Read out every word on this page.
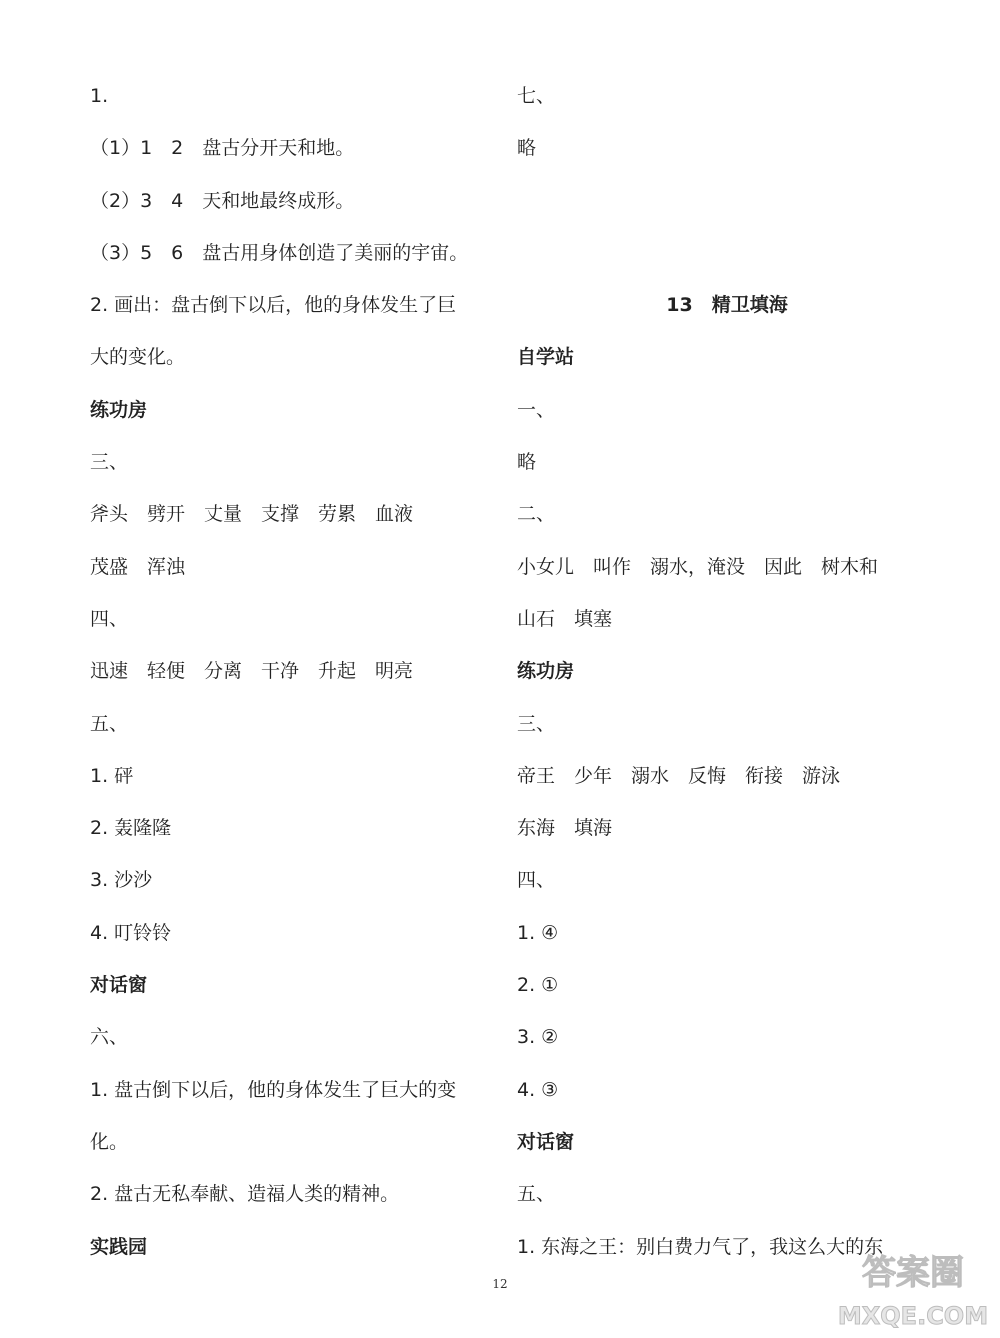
1.
（1）1　2　盘古分开天和地。
（2）3　4　天和地最终成形。
（3）5　6　盘古用身体创造了美丽的宇宙。
2. 画出：盘古倒下以后，他的身体发生了巨
大的变化。
练功房
三、
斧头　劈开　丈量　支撑　劳累　血液
茂盛　浑浊
四、
迅速　轻便　分离　干净　升起　明亮
五、
1. 砰
2. 轰隆隆
3. 沙沙
4. 叮铃铃
对话窗
六、
1. 盘古倒下以后，他的身体发生了巨大的变
化。
2. 盘古无私奉献、造福人类的精神。
实践园
七、
略
13　精卫填海
自学站
一、
略
二、
小女儿　叫作　溺水，淹没　因此　树木和
山石　填塞
练功房
三、
帝王　少年　溺水　反悔　衔接　游泳
东海　填海
四、
1. ④
2. ①
3. ②
4. ③
对话窗
五、
1. 东海之王：别白费力气了，我这么大的东
12	答案圈
MXQE.COM
